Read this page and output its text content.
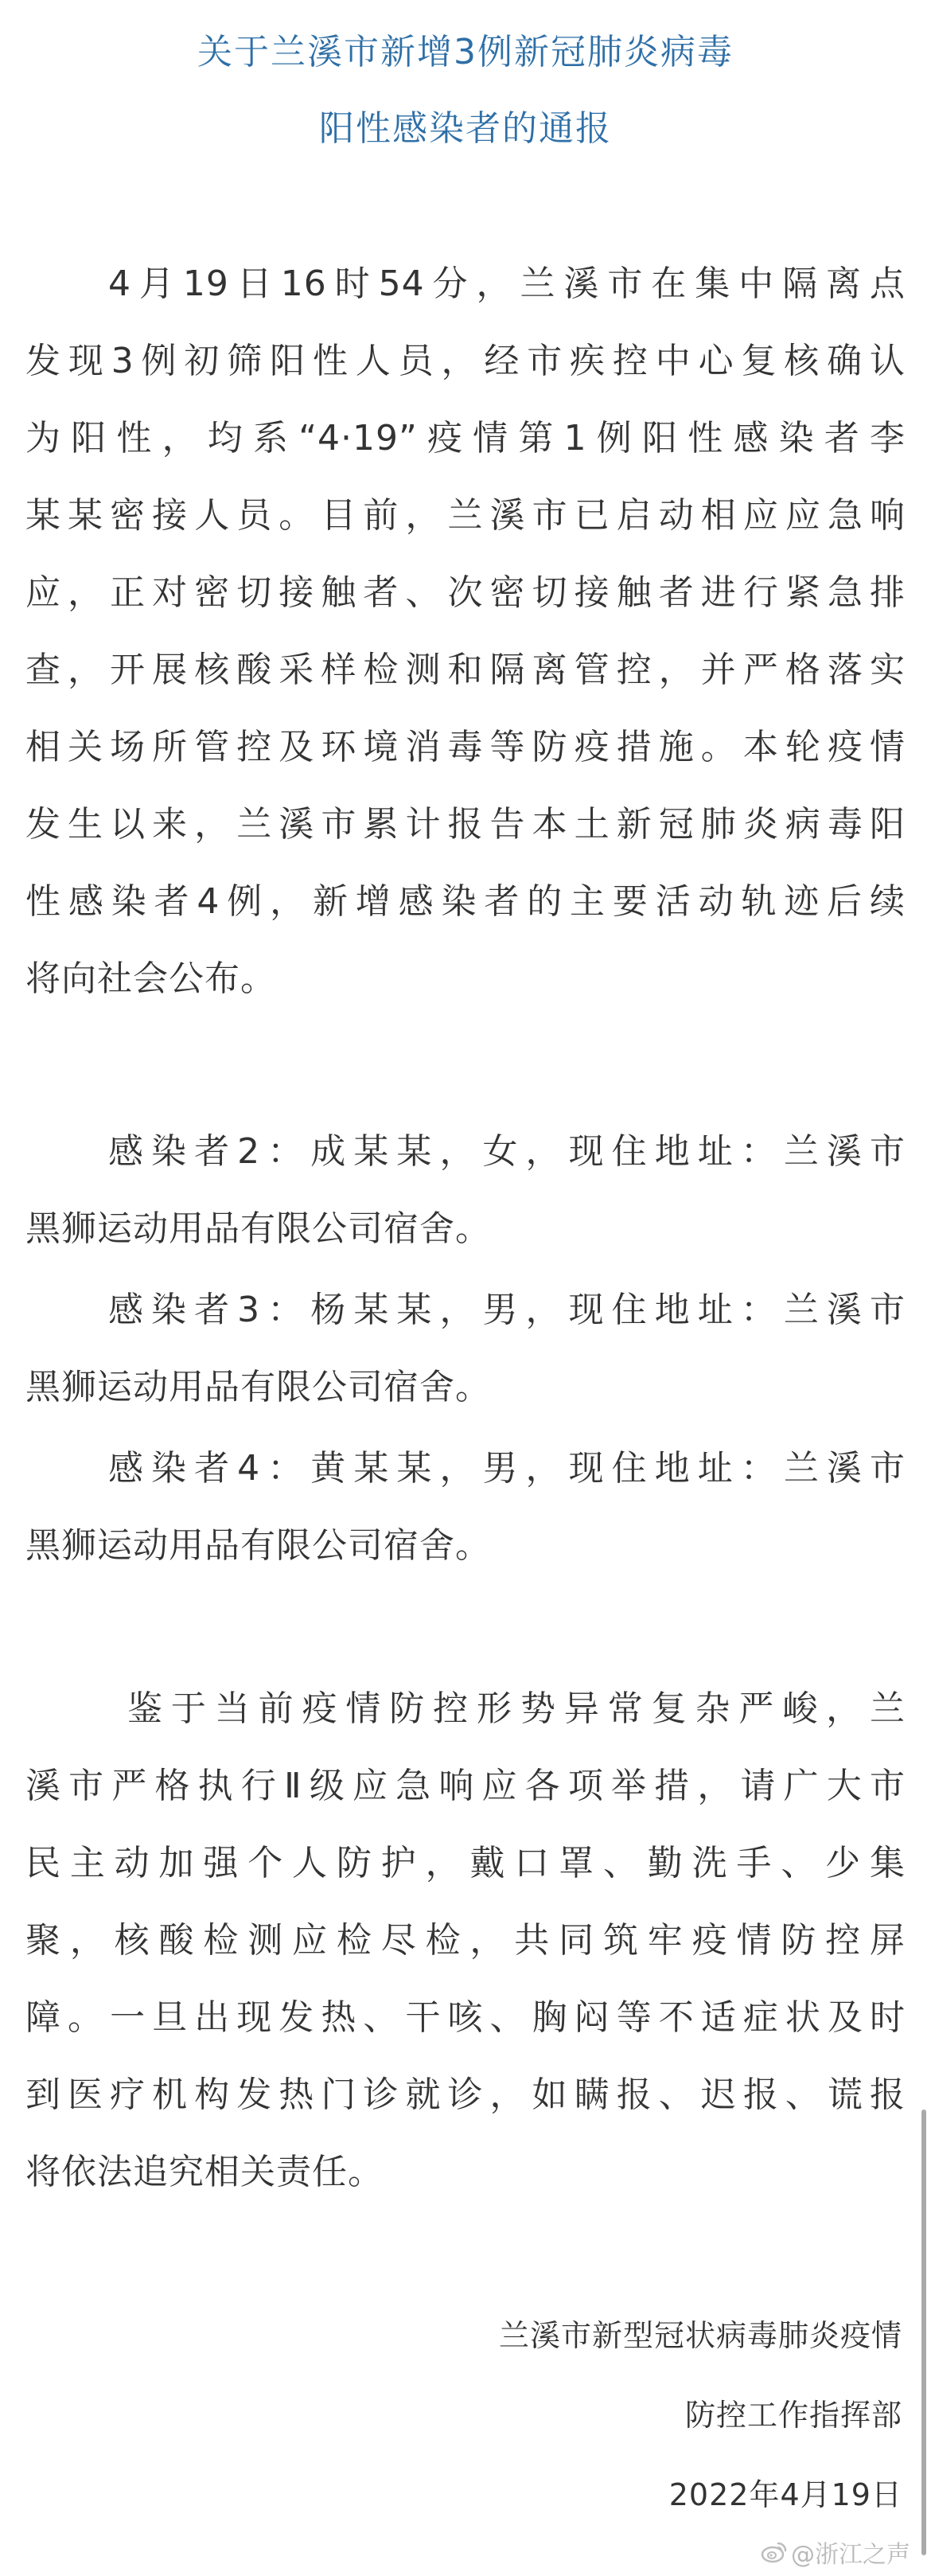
关于兰溪市新增3例新冠肺炎病毒
阳性感染者的通报
4月19日16时54分，兰溪市在集中隔离点
发现3例初筛阳性人员，经市疾控中心复核确认
为阳性，均系“4·19”疫情第1例阳性感染者李
某某密接人员。目前，兰溪市已启动相应应急响
应，正对密切接触者、次密切接触者进行紧急排
查，开展核酸采样检测和隔离管控，并严格落实
相关场所管控及环境消毒等防疫措施。本轮疫情
发生以来，兰溪市累计报告本土新冠肺炎病毒阳
性感染者4例，新增感染者的主要活动轨迹后续
将向社会公布。
感染者2：成某某，女，现住地址：兰溪市
黑狮运动用品有限公司宿舍。
感染者3：杨某某，男，现住地址：兰溪市
黑狮运动用品有限公司宿舍。
感染者4：黄某某，男，现住地址：兰溪市
黑狮运动用品有限公司宿舍。
鉴于当前疫情防控形势异常复杂严峻，兰
溪市严格执行Ⅱ级应急响应各项举措，请广大市
民主动加强个人防护，戴口罩、勤洗手、少集
聚，核酸检测应检尽检，共同筑牢疫情防控屏
障。一旦出现发热、干咳、胸闷等不适症状及时
到医疗机构发热门诊就诊，如瞒报、迟报、谎报
将依法追究相关责任。
兰溪市新型冠状病毒肺炎疫情
防控工作指挥部
2022年4月19日
@浙江之声
